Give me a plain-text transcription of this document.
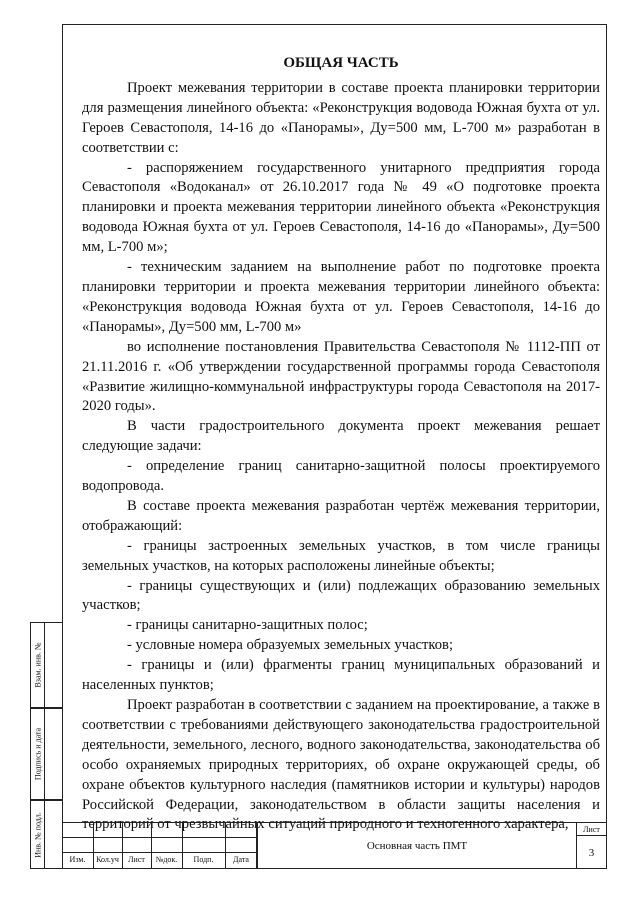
ОБЩАЯ ЧАСТЬ

Проект межевания территории в составе проекта планировки территории для размещения линейного объекта: «Реконструкция водовода Южная бухта от ул. Героев Севастополя, 14-16 до «Панорамы», Ду=500 мм, L-700 м» разработан в соответствии с:

- распоряжением государственного унитарного предприятия города Севастополя «Водоканал» от 26.10.2017 года № 49 «О подготовке проекта планировки и проекта межевания территории линейного объекта «Реконструкция водовода Южная бухта от ул. Героев Севастополя, 14-16 до «Панорамы», Ду=500 мм, L-700 м»;

- техническим заданием на выполнение работ по подготовке проекта планировки территории и проекта межевания территории линейного объекта: «Реконструкция водовода Южная бухта от ул. Героев Севастополя, 14-16 до «Панорамы», Ду=500 мм, L-700 м»

во исполнение постановления Правительства Севастополя № 1112-ПП от 21.11.2016 г. «Об утверждении государственной программы города Севастополя «Развитие жилищно-коммунальной инфраструктуры города Севастополя на 2017-2020 годы».

В части градостроительного документа проект межевания решает следующие задачи:

- определение границ санитарно-защитной полосы проектируемого водопровода.

В составе проекта межевания разработан чертёж межевания территории, отображающий:

- границы застроенных земельных участков, в том числе границы земельных участков, на которых расположены линейные объекты;

- границы существующих и (или) подлежащих образованию земельных участков;

- границы санитарно-защитных полос;

- условные номера образуемых земельных участков;

- границы и (или) фрагменты границ муниципальных образований и населенных пунктов;

Проект разработан в соответствии с заданием на проектирование, а также в соответствии с требованиями действующего законодательства градостроительной деятельности, земельного, лесного, водного законодательства, законодательства об особо охраняемых природных территориях, об охране окружающей среды, об охране объектов культурного наследия (памятников истории и культуры) народов Российской Федерации, законодательством в области защиты населения и территорий от чрезвычайных ситуаций природного и техногенного характера,

Взам. инв. №
Подпись и дата
Инв. № подл.
Изм.	Кол.уч	Лист	№док.	Подп.	Дата
Основная часть ПМТ
Лист
3
